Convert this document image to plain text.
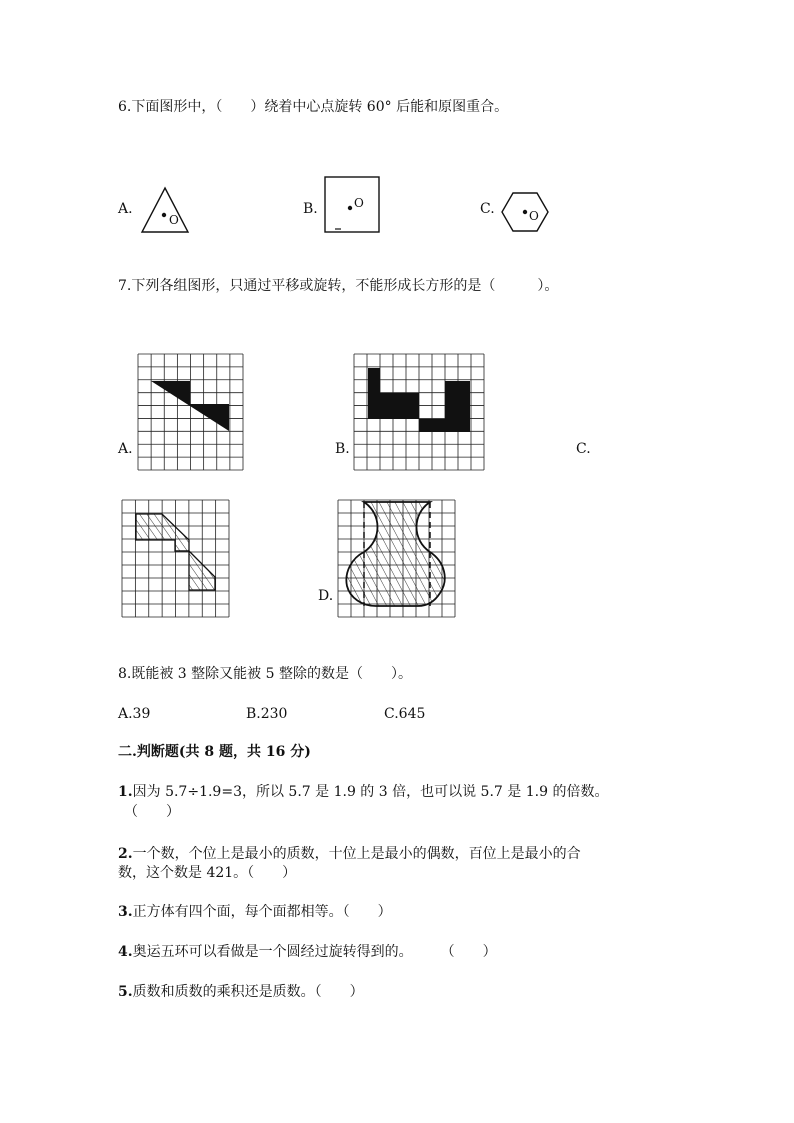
6.下面图形中，（　　）绕着中心点旋转 60° 后能和原图重合。
A.
O
B.	O	C.	O
7.下列各组图形，只通过平移或旋转，不能形成长方形的是（　　　）。
A.	B.	C.
D.
8.既能被 3 整除又能被 5 整除的数是（　　）。
A.39	B.230	C.645
二.判断题(共 8 题，共 16 分)
1.因为 5.7÷1.9=3，所以 5.7 是 1.9 的 3 倍，也可以说 5.7 是 1.9 的倍数。
（　　）
2.一个数，个位上是最小的质数，十位上是最小的偶数，百位上是最小的合
数，这个数是 421。（　　）
3.正方体有四个面，每个面都相等。（　　）
4.奥运五环可以看做是一个圆经过旋转得到的。　　　（　　）
5.质数和质数的乘积还是质数。（　　）
